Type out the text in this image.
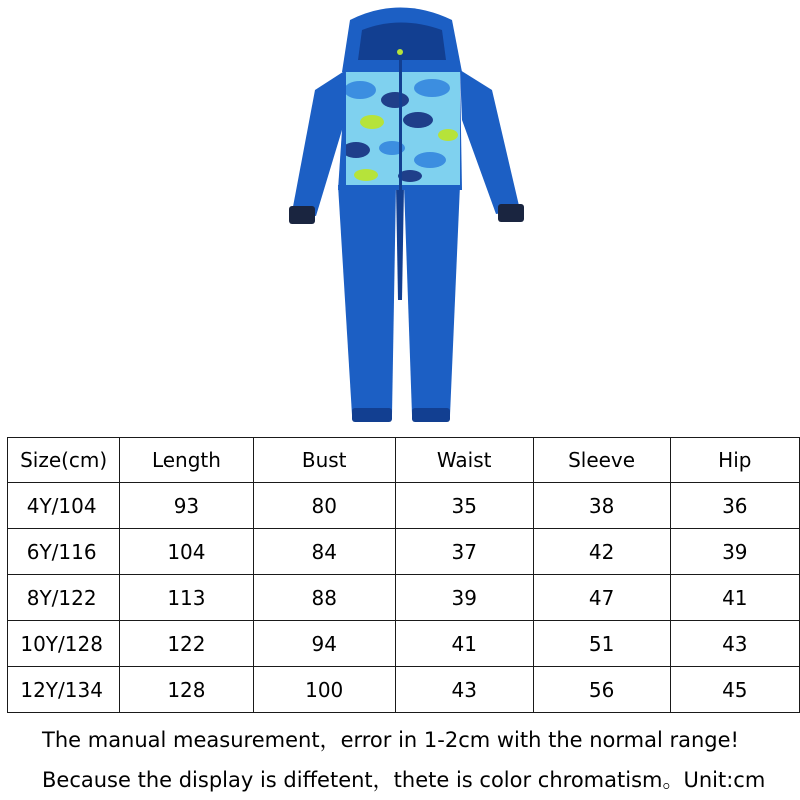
Size(cm)	Length	Bust	Waist	Sleeve	Hip
4Y/104	93	80	35	38	36
6Y/116	104	84	37	42	39
8Y/122	113	88	39	47	41
10Y/128	122	94	41	51	43
12Y/134	128	100	43	56	45
The manual measurement，error in 1-2cm with the normal range!
Because the display is diffetent，thete is color chromatism。Unit:cm
